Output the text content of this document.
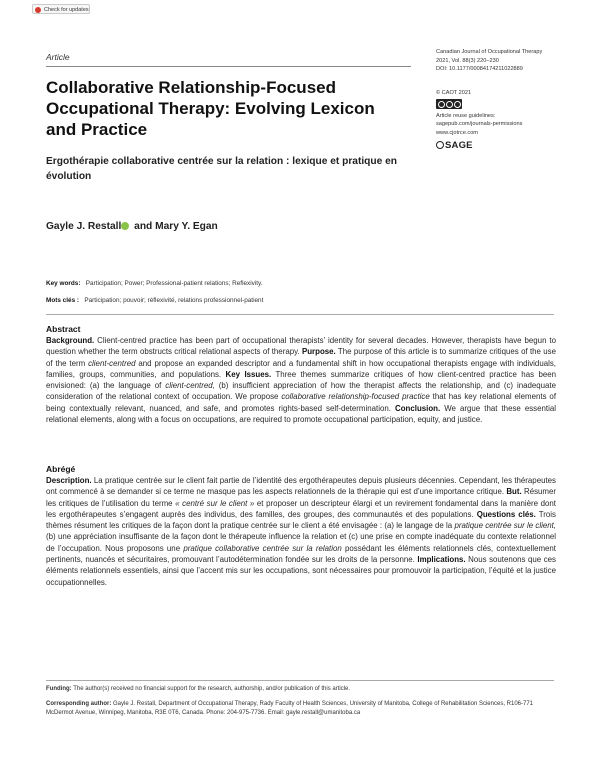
Check for updates
Article	Canadian Journal of Occupational Therapy
2021, Vol. 88(3) 220–230
DOI: 10.1177/00084174211022889
© CAOT 2021
Article reuse guidelines:
sagepub.com/journals-permissions
www.cjotrce.com
SAGE
Collaborative Relationship-Focused Occupational Therapy: Evolving Lexicon and Practice
Ergothérapie collaborative centrée sur la relation : lexique et pratique en évolution
Gayle J. Restall and Mary Y. Egan
Key words: Participation; Power; Professional-patient relations; Reflexivity.
Mots clés : Participation; pouvoir; réflexivité, relations professionnel-patient
Abstract
Background. Client-centred practice has been part of occupational therapists’ identity for several decades. However, therapists have begun to question whether the term obstructs critical relational aspects of therapy. Purpose. The purpose of this article is to summarize critiques of the use of the term client-centred and propose an expanded descriptor and a fundamental shift in how occupational therapists engage with individuals, families, groups, communities, and populations. Key Issues. Three themes summarize critiques of how client-centred practice has been envisioned: (a) the language of client-centred, (b) insufficient appreciation of how the therapist affects the relationship, and (c) inadequate consideration of the relational context of occupation. We propose collaborative relationship-focused practice that has key relational elements of being contextually relevant, nuanced, and safe, and promotes rights-based self-determination. Conclusion. We argue that these essential relational elements, along with a focus on occupations, are required to promote occupational participation, equity, and justice.
Abrégé
Description. La pratique centrée sur le client fait partie de l’identité des ergothérapeutes depuis plusieurs décennies. Cependant, les thérapeutes ont commencé à se demander si ce terme ne masque pas les aspects relationnels de la thérapie qui est d’une importance critique. But. Résumer les critiques de l’utilisation du terme « centré sur le client » et proposer un descripteur élargi et un revirement fondamental dans la manière dont les ergothérapeutes s’engagent auprès des individus, des familles, des groupes, des communautés et des populations. Questions clés. Trois thèmes résument les critiques de la façon dont la pratique centrée sur le client a été envisagée : (a) le langage de la pratique centrée sur le client, (b) une appréciation insuffisante de la façon dont le thérapeute influence la relation et (c) une prise en compte inadéquate du contexte relationnel de l’occupation. Nous proposons une pratique collaborative centrée sur la relation possédant les éléments relationnels clés, contextuellement pertinents, nuancés et sécuritaires, promouvant l’autodétermination fondée sur les droits de la personne. Implications. Nous soutenons que ces éléments relationnels essentiels, ainsi que l’accent mis sur les occupations, sont nécessaires pour promouvoir la participation, l’équité et la justice occupationnelles.
Funding: The author(s) received no financial support for the research, authorship, and/or publication of this article.
Corresponding author: Gayle J. Restall, Department of Occupational Therapy, Rady Faculty of Health Sciences, University of Manitoba, College of Rehabilitation Sciences, R106-771 McDermot Avenue, Winnipeg, Manitoba, R3E 0T6, Canada. Phone: 204-975-7736. Email: gayle.restall@umanitoba.ca
